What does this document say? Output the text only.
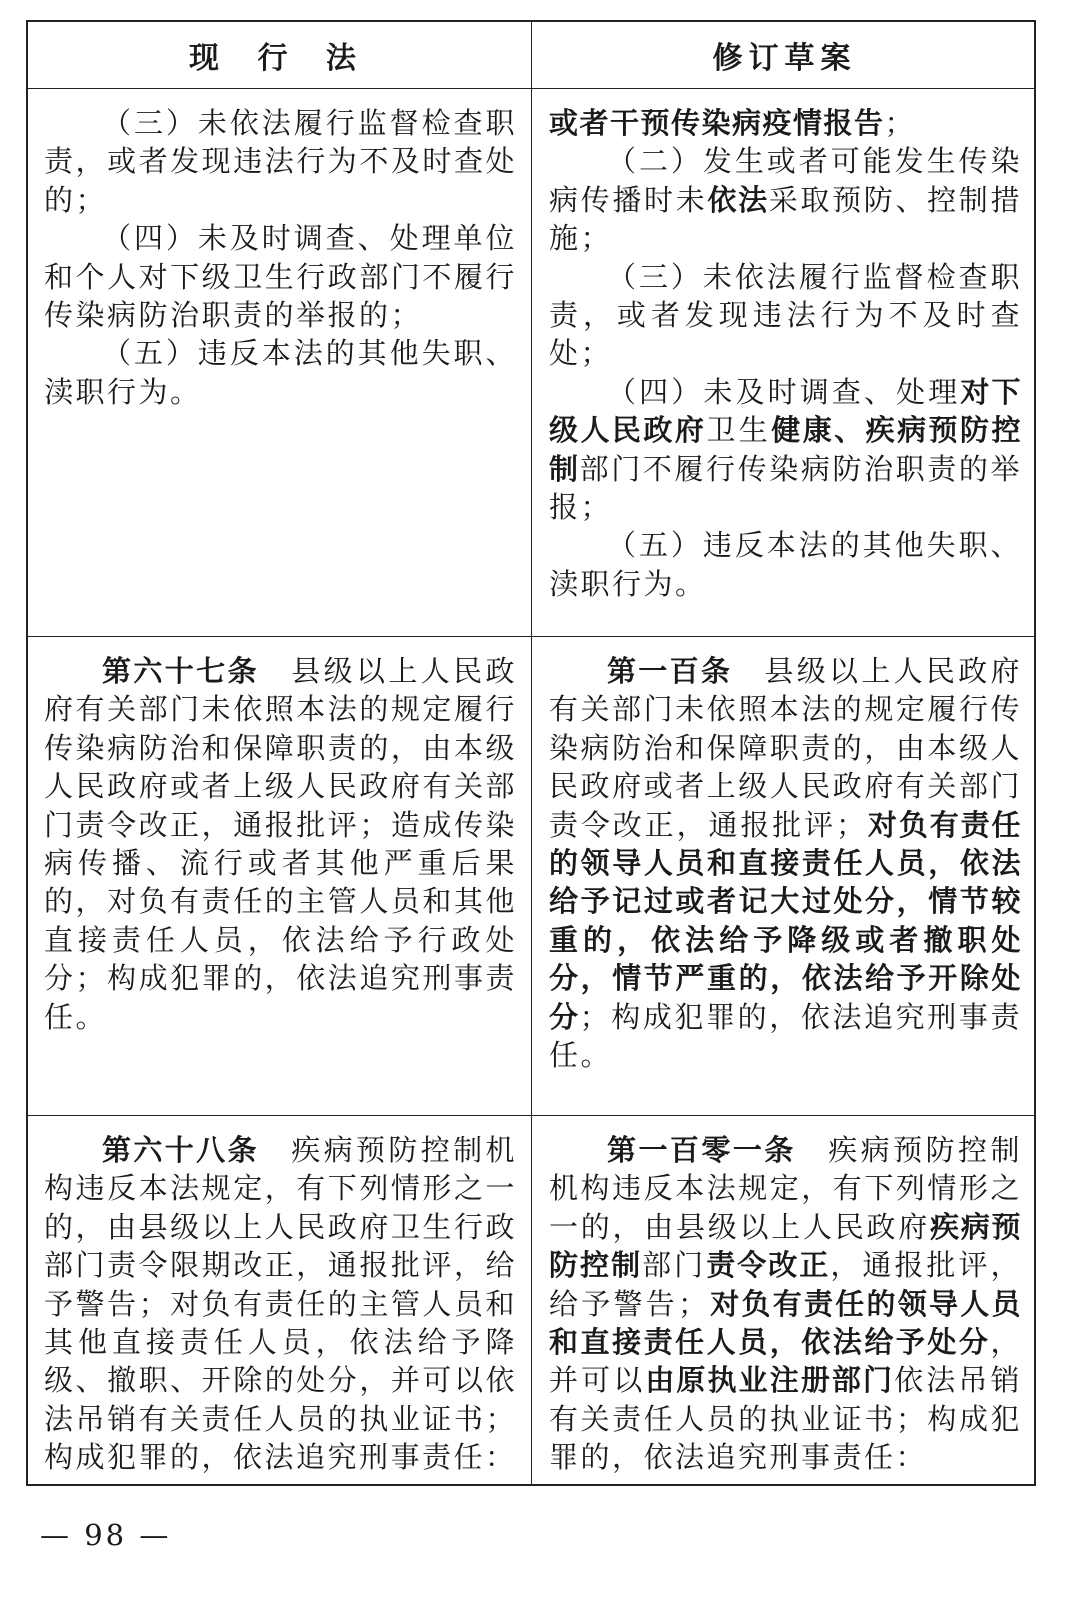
现 行 法	修订草案

（三）未依法履行监督检查职责，或者发现违法行为不及时查处的；

（四）未及时调查、处理单位和个人对下级卫生行政部门不履行传染病防治职责的举报的；

（五）违反本法的其他失职、渎职行为。

或者干预传染病疫情报告；

（二）发生或者可能发生传染病传播时未依法采取预防、控制措施；

（三）未依法履行监督检查职责，或者发现违法行为不及时查处；

（四）未及时调查、处理对下级人民政府卫生健康、疾病预防控制部门不履行传染病防治职责的举报；

（五）违反本法的其他失职、渎职行为。

第六十七条　县级以上人民政府有关部门未依照本法的规定履行传染病防治和保障职责的，由本级人民政府或者上级人民政府有关部门责令改正，通报批评；造成传染病传播、流行或者其他严重后果的，对负有责任的主管人员和其他直接责任人员，依法给予行政处分；构成犯罪的，依法追究刑事责任。

第一百条　县级以上人民政府有关部门未依照本法的规定履行传染病防治和保障职责的，由本级人民政府或者上级人民政府有关部门责令改正，通报批评；对负有责任的领导人员和直接责任人员，依法给予记过或者记大过处分，情节较重的，依法给予降级或者撤职处分，情节严重的，依法给予开除处分；构成犯罪的，依法追究刑事责任。

第六十八条　疾病预防控制机构违反本法规定，有下列情形之一的，由县级以上人民政府卫生行政部门责令限期改正，通报批评，给予警告；对负有责任的主管人员和其他直接责任人员，依法给予降级、撤职、开除的处分，并可以依法吊销有关责任人员的执业证书；构成犯罪的，依法追究刑事责任：

第一百零一条　疾病预防控制机构违反本法规定，有下列情形之一的，由县级以上人民政府疾病预防控制部门责令改正，通报批评，给予警告；对负有责任的领导人员和直接责任人员，依法给予处分，并可以由原执业注册部门依法吊销有关责任人员的执业证书；构成犯罪的，依法追究刑事责任：

— 98 —
